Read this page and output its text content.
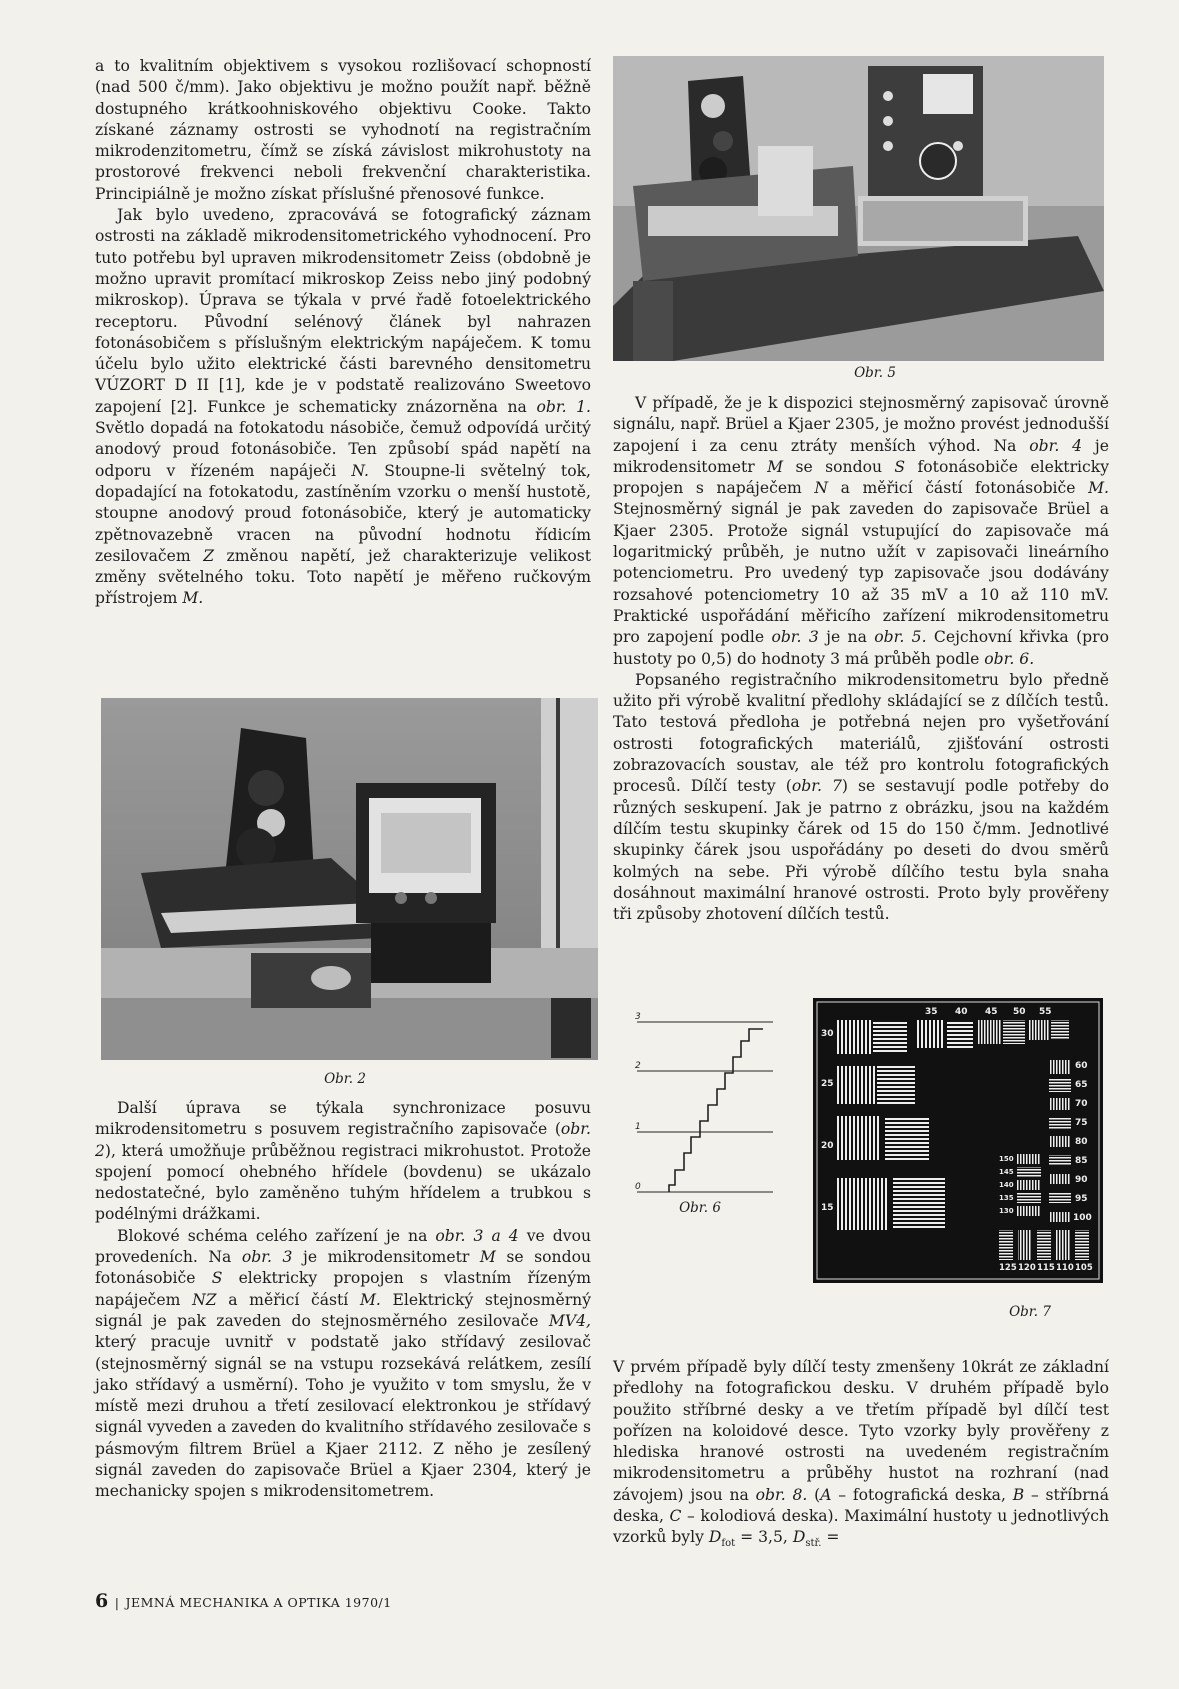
a to kvalitním objektivem s vysokou rozlišovací schopností (nad 500 č/mm). Jako objektivu je možno použít např. běžně dostupného krátkoohniskového objektivu Cooke. Takto získané záznamy ostrosti se vyhodnotí na registračním mikrodenzitometru, čímž se získá závislost mikrohustoty na prostorové frekvenci neboli frekvenční charakteristika. Principiálně je možno získat příslušné přenosové funkce.

Jak bylo uvedeno, zpracovává se fotografický záznam ostrosti na základě mikrodensitometrického vyhodnocení. Pro tuto potřebu byl upraven mikrodensitometr Zeiss (obdobně je možno upravit promítací mikroskop Zeiss nebo jiný podobný mikroskop). Úprava se týkala v prvé řadě fotoelektrického receptoru. Původní selénový článek byl nahrazen fotonásobičem s příslušným elektrickým napáječem. K tomu účelu bylo užito elektrické části barevného densitometru VÚZORT D II [1], kde je v podstatě realizováno Sweetovo zapojení [2]. Funkce je schematicky znázorněna na obr. 1. Světlo dopadá na fotokatodu násobiče, čemuž odpovídá určitý anodový proud fotonásobiče. Ten způsobí spád napětí na odporu v řízeném napáječi N. Stoupne-li světelný tok, dopadající na fotokatodu, zastíněním vzorku o menší hustotě, stoupne anodový proud fotonásobiče, který je automaticky zpětnovazebně vracen na původní hodnotu řídicím zesilovačem Z změnou napětí, jež charakterizuje velikost změny světelného toku. Toto napětí je měřeno ručkovým přístrojem M.

Obr. 2

Další úprava se týkala synchronizace posuvu mikrodensitometru s posuvem registračního zapisovače (obr. 2), která umožňuje průběžnou registraci mikrohustot. Protože spojení pomocí ohebného hřídele (bovdenu) se ukázalo nedostatečné, bylo zaměněno tuhým hřídelem a trubkou s podélnými drážkami.

Blokové schéma celého zařízení je na obr. 3 a 4 ve dvou provedeních. Na obr. 3 je mikrodensitometr M se sondou fotonásobiče S elektricky propojen s vlastním řízeným napáječem NZ a měřicí částí M. Elektrický stejnosměrný signál je pak zaveden do stejnosměrného zesilovače MV4, který pracuje uvnitř v podstatě jako střídavý zesilovač (stejnosměrný signál se na vstupu rozsekává relátkem, zesílí jako střídavý a usměrní). Toho je využito v tom smyslu, že v místě mezi druhou a třetí zesilovací elektronkou je střídavý signál vyveden a zaveden do kvalitního střídavého zesilovače s pásmovým filtrem Brüel a Kjaer 2112. Z něho je zesílený signál zaveden do zapisovače Brüel a Kjaer 2304, který je mechanicky spojen s mikrodensitometrem.

Obr. 5

V případě, že je k dispozici stejnosměrný zapisovač úrovně signálu, např. Brüel a Kjaer 2305, je možno provést jednodušší zapojení i za cenu ztráty menších výhod. Na obr. 4 je mikrodensitometr M se sondou S fotonásobiče elektricky propojen s napáječem N a měřicí částí fotonásobiče M. Stejnosměrný signál je pak zaveden do zapisovače Brüel a Kjaer 2305. Protože signál vstupující do zapisovače má logaritmický průběh, je nutno užít v zapisovači lineárního potenciometru. Pro uvedený typ zapisovače jsou dodávány rozsahové potenciometry 10 až 35 mV a 10 až 110 mV. Praktické uspořádání měřicího zařízení mikrodensitometru pro zapojení podle obr. 3 je na obr. 5. Cejchovní křivka (pro hustoty po 0,5) do hodnoty 3 má průběh podle obr. 6.

Popsaného registračního mikrodensitometru bylo předně užito při výrobě kvalitní předlohy skládající se z dílčích testů. Tato testová předloha je potřebná nejen pro vyšetřování ostrosti fotografických materiálů, zjišťování ostrosti zobrazovacích soustav, ale též pro kontrolu fotografických procesů. Dílčí testy (obr. 7) se sestavují podle potřeby do různých seskupení. Jak je patrno z obrázku, jsou na každém dílčím testu skupinky čárek od 15 do 150 č/mm. Jednotlivé skupinky čárek jsou uspořádány po deseti do dvou směrů kolmých na sebe. Při výrobě dílčího testu byla snaha dosáhnout maximální hranové ostrosti. Proto byly prověřeny tři způsoby zhotovení dílčích testů.

3
2
1
0
Obr. 6
35 40 45 50 55
30
25
20
15
60
65
70
75
80
85
90
95
100
150
145
140
135
130
125 120 115 110 105
Obr. 7

V prvém případě byly dílčí testy zmenšeny 10krát ze základní předlohy na fotografickou desku. V druhém případě bylo použito stříbrné desky a ve třetím případě byl dílčí test pořízen na koloidové desce. Tyto vzorky byly prověřeny z hlediska hranové ostrosti na uvedeném registračním mikrodensitometru a průběhy hustot na rozhraní (nad závojem) jsou na obr. 8. (A – fotografická deska, B – stříbrná deska, C – kolodiová deska). Maximální hustoty u jednotlivých vzorků byly $D_{fot} = 3,5$, $D_{stř.}$ =

6 | JEMNÁ MECHANIKA A OPTIKA 1970/1
